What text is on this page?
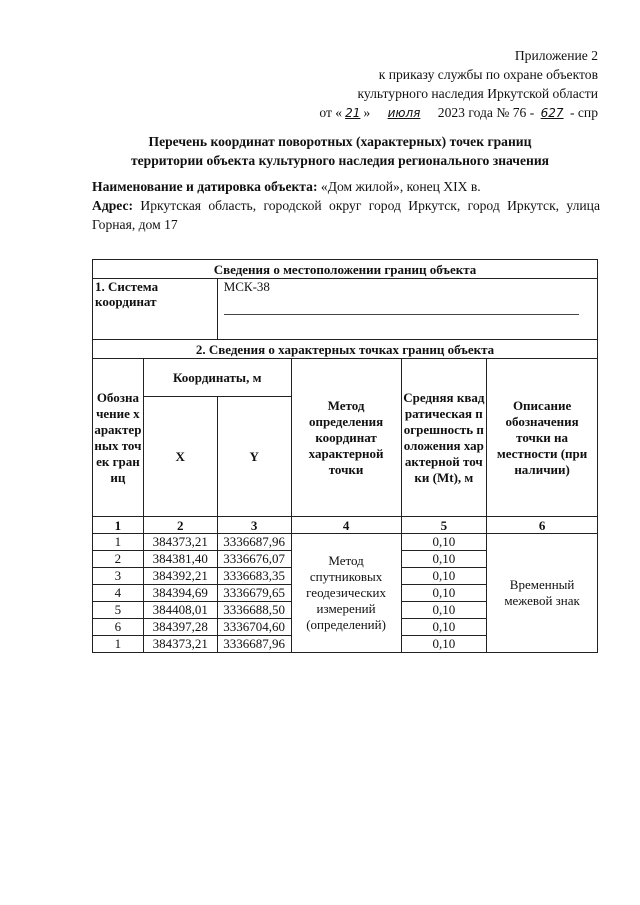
Приложение 2
к приказу службы по охране объектов
культурного наследия Иркутской области
от « 21 » июля 2023 года № 76 - 627 - спр
Перечень координат поворотных (характерных) точек границ
территории объекта культурного наследия регионального значения
Наименование и датировка объекта: «Дом жилой», конец XIX в.
Адрес: Иркутская область, городской округ город Иркутск, город Иркутск, улица Горная, дом 17
Сведения о местоположении границ объекта					
1. Система координат		МСК-38			

2. Сведения о характерных точках границ объекта					

Обозначение характерных точек границ	Координаты, м		Метод определения координат характерной точки	Средняя квадратическая погрешность положения характерной точки (Mt), м	Описание обозначения точки на местности (при наличии)
	X	Y			
1	2	3	4	5	6
1	384373,21	3336687,96	Метод спутниковых геодезических измерений (определений)	0,10	Временный межевой знак
2	384381,40	3336676,07		0,10	
3	384392,21	3336683,35		0,10	
4	384394,69	3336679,65		0,10	
5	384408,01	3336688,50		0,10	
6	384397,28	3336704,60		0,10	
1	384373,21	3336687,96		0,10	
